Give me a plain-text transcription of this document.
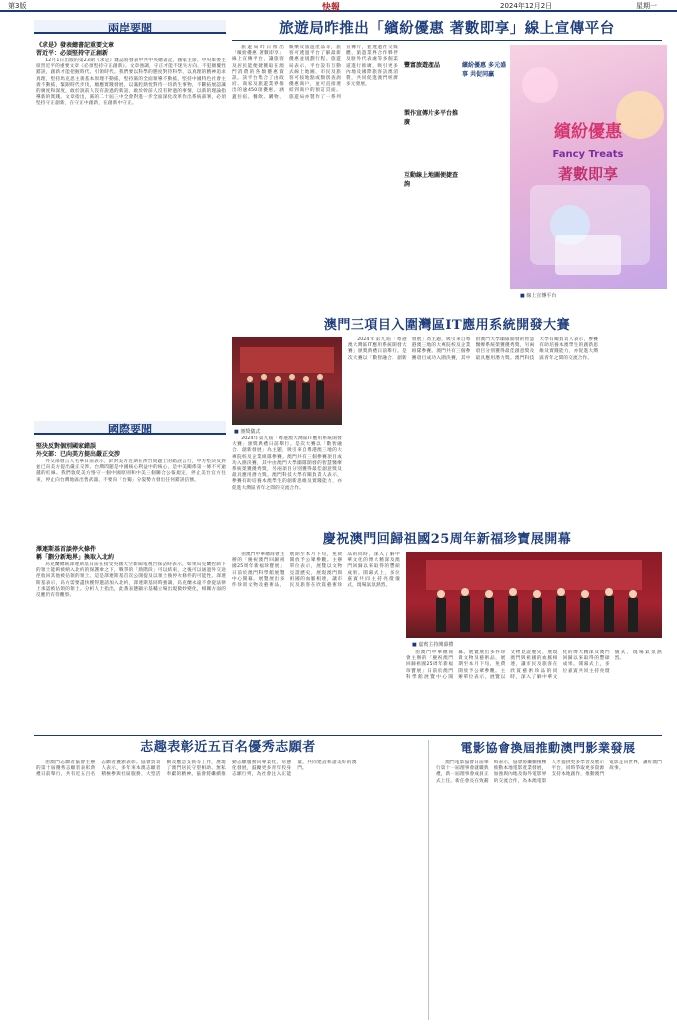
第3版	快報	2024年12月2日	星期一
兩岸要聞
《求是》發表總書記重要文章
習近平：必須堅持守正創新

12月1日出版的第23期《求是》雜誌將發表中共中央總書記、國家主席、中央軍委主席習近平的重要文章《必須堅持守正創新》。文章強調，守正才能不迷失方向、不犯顛覆性錯誤，創新才能把握時代、引領時代。我們要以科學的態度對待科學、以真理的精神追求真理，堅持馬克思主義基本原理不動搖，堅持黨的全面領導不動搖，堅持中國特色社會主義不動搖，緊跟時代步伐，順應實踐發展，以滿腔熱忱對待一切新生事物，不斷拓展認識的廣度和深度，敢於說前人沒有說過的新話，敢於幹前人沒有幹過的事情，以新的理論指導新的實踐。文章指出，黨的二十屆三中全會對進一步全面深化改革作出系統部署，必須堅持守正創新，在守正中創新，在創新中守正。

國際要聞
堅決反對個別國家錯誤
外交部：已向美方提出嚴正交涉

外交部發言人毛寧日前表示，針對美方近期在涉台問題上的錯誤言行，中方堅決反對並已向美方提出嚴正交涉。台灣問題是中國核心利益中的核心，是中美關係第一條不可逾越的紅線。我們敦促美方恪守一個中國原則和中美三個聯合公報規定，停止美台官方往來，停止向台灣地區出售武器，不要向「台獨」分裂勢力發出任何錯誤信號。

澤連斯基首談停火條件
稱「劃分新地界」換取入北約

烏克蘭總統澤連斯基日前在接受英國天空新聞電視台採訪時表示，如果烏克蘭控制下的領土能夠被納入北約的保護傘之下，戰爭的「熱階段」可以結束，之後可以通過外交途徑收回其他被佔領的領土。這是澤連斯基首次公開提及以領土換停火條件的可能性。澤連斯基表示，烏方需要盡快獲得邀請加入北約，澤連斯基同時強調，烏克蘭永遠不會從法律上承認被佔領的領土。分析人士指出，此番表態顯示基輔立場出現微妙變化，相關方面的反應仍有待觀察。

旅遊局昨推出「繽紛優惠 著數即享」線上宣傳平台

旅遊局昨日推出「繽紛優惠 著數即享」線上宣傳平台，讓旅客及居民能便捷獲取在澳門消費的各類優惠資訊。該平台集合了由政府、商家及旅遊業界推出的逾450項優惠，涵蓋住宿、餐飲、購物、娛樂及旅遊產品等，旅客可透過平台了解最新優惠並規劃行程。旅遊局表示，平台設有互動式線上地圖，市民及旅客可按地點或類別查詢優惠商戶，並可直接連結到商戶的預訂頁面。旅遊局亦製作了一系列宣傳片，並透過社交媒體、旅遊業界合作夥伴及駐外代表處等多個渠道進行推廣，吸引更多內地及國際旅客訪澳消費，共同促進澳門經濟多元發展。

製作宣傳片多平台推廣
互動線上地圖便捷查詢
豐富旅遊產品	繽紛優惠 多元盛事 共促同贏
繽紛優惠
Fancy Treats
著數即享
■ 線上宣傳平台
澳門三項目入圍灣區IT應用系統開發大賽
■ 頒獎儀式

2024年第九屆「粵港澳大灣區IT應用系統開發大賽」頒獎典禮日前舉行。是次大賽以「數智融合．創新發展」為主題，吸引來自粵港澳三地的大專院校及企業組隊參賽。澳門共有三個參賽項目成功入圍決賽，其中由澳門大學團隊開發的智慧醫療系統榮獲優秀獎，另兩項目分別獲得最佳創意獎及最具應用潛力獎。澳門科技大學有關負責人表示，參賽有助培養本澳學生的創新思維及實踐能力，亦促進大灣區青年之間的交流合作。

2024年第九屆「粵港澳大灣區IT應用系統開發大賽」頒獎典禮日前舉行。是次大賽以「數智融合．創新發展」為主題，吸引來自粵港澳三地的大專院校及企業組隊參賽。澳門共有三個參賽項目成功入圍決賽，其中由澳門大學團隊開發的智慧醫療系統榮獲優秀獎，另兩項目分別獲得最佳創意獎及最具應用潛力獎。澳門科技大學有關負責人表示，參賽有助培養本澳學生的創新思維及實踐能力，亦促進大灣區青年之間的交流合作。

慶祝澳門回歸祖國25周年新福珍寶展開幕
■ 嘉賓主持開幕禮

由澳門中華總商會主辦的「慶祝澳門回歸祖國25周年新福珍寶展」日前於澳門科學館展覽中心開幕。展覽展出多件珍貴文物及藝術品，展期至本月下旬，免費開放予公眾參觀。主辦單位表示，展覽以文物見證歷史，展現澳門與祖國的血脈相連，讓市民及旅客在欣賞藝術珍品的同時，深入了解中華文化的博大精深及澳門回歸以來取得的豐碩成果。開幕式上，多位嘉賓共同主持亮燈儀式，現場氣氛熱烈。

由澳門中華總商會主辦的「慶祝澳門回歸祖國25周年新福珍寶展」日前於澳門科學館展覽中心開幕。展覽展出多件珍貴文物及藝術品，展期至本月下旬，免費開放予公眾參觀。主辦單位表示，展覽以文物見證歷史，展現澳門與祖國的血脈相連，讓市民及旅客在欣賞藝術珍品的同時，深入了解中華文化的博大精深及澳門回歸以來取得的豐碩成果。開幕式上，多位嘉賓共同主持亮燈儀式，現場氣氛熱烈。

志趣表彰近五百名優秀志願者

由澳門志願者協會主辦的第十屆優秀志願者表彰典禮日前舉行，共有近五百名志願者獲頒表彰。協會負責人表示，多年來本澳志願者積極參與社區服務、大型活動及應急支援等工作，展現了澳門居民守望相助、無私奉獻的精神。協會將繼續推動志願服務向專業化、常態化發展，鼓勵更多青年投身志願行列，為社會注入正能量，共同建設和諧美好的澳門。

電影協會換屆推動澳門影業發展

澳門電影協會日前舉行第十一屆理事會就職典禮，新一屆理事會成員正式上任。新任會長在致辭時表示，協會將繼續積極推動本地電影產業發展，加強與內地及海外電影界的交流合作，為本澳電影人才提供更多學習及展示平台，同時爭取更多資源支持本地創作，推動澳門電影走向世界，講好澳門故事。
